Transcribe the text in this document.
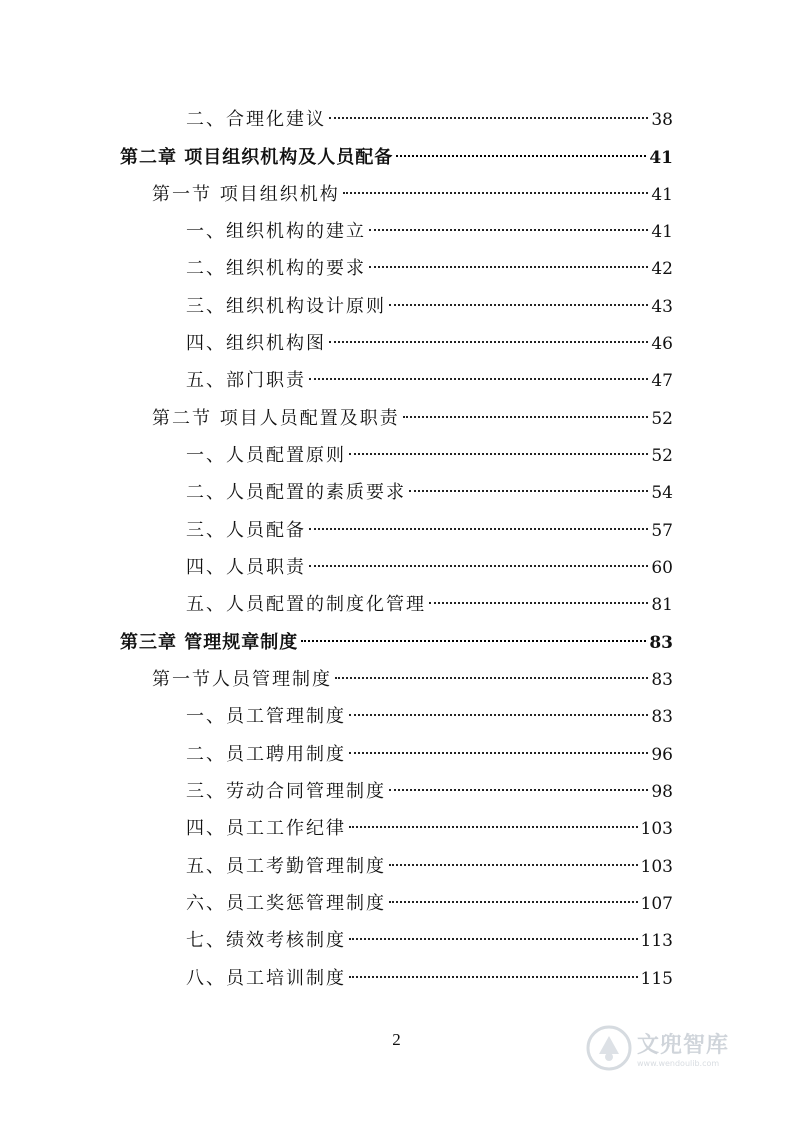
二、合理化建议	38
第二章 项目组织机构及人员配备	41
第一节 项目组织机构	41
一、组织机构的建立	41
二、组织机构的要求	42
三、组织机构设计原则	43
四、组织机构图	46
五、部门职责	47
第二节 项目人员配置及职责	52
一、人员配置原则	52
二、人员配置的素质要求	54
三、人员配备	57
四、人员职责	60
五、人员配置的制度化管理	81
第三章 管理规章制度	83
第一节人员管理制度	83
一、员工管理制度	83
二、员工聘用制度	96
三、劳动合同管理制度	98
四、员工工作纪律	103
五、员工考勤管理制度	103
六、员工奖惩管理制度	107
七、绩效考核制度	113
八、员工培训制度	115
2	文兜智库
www.wendoulib.com
